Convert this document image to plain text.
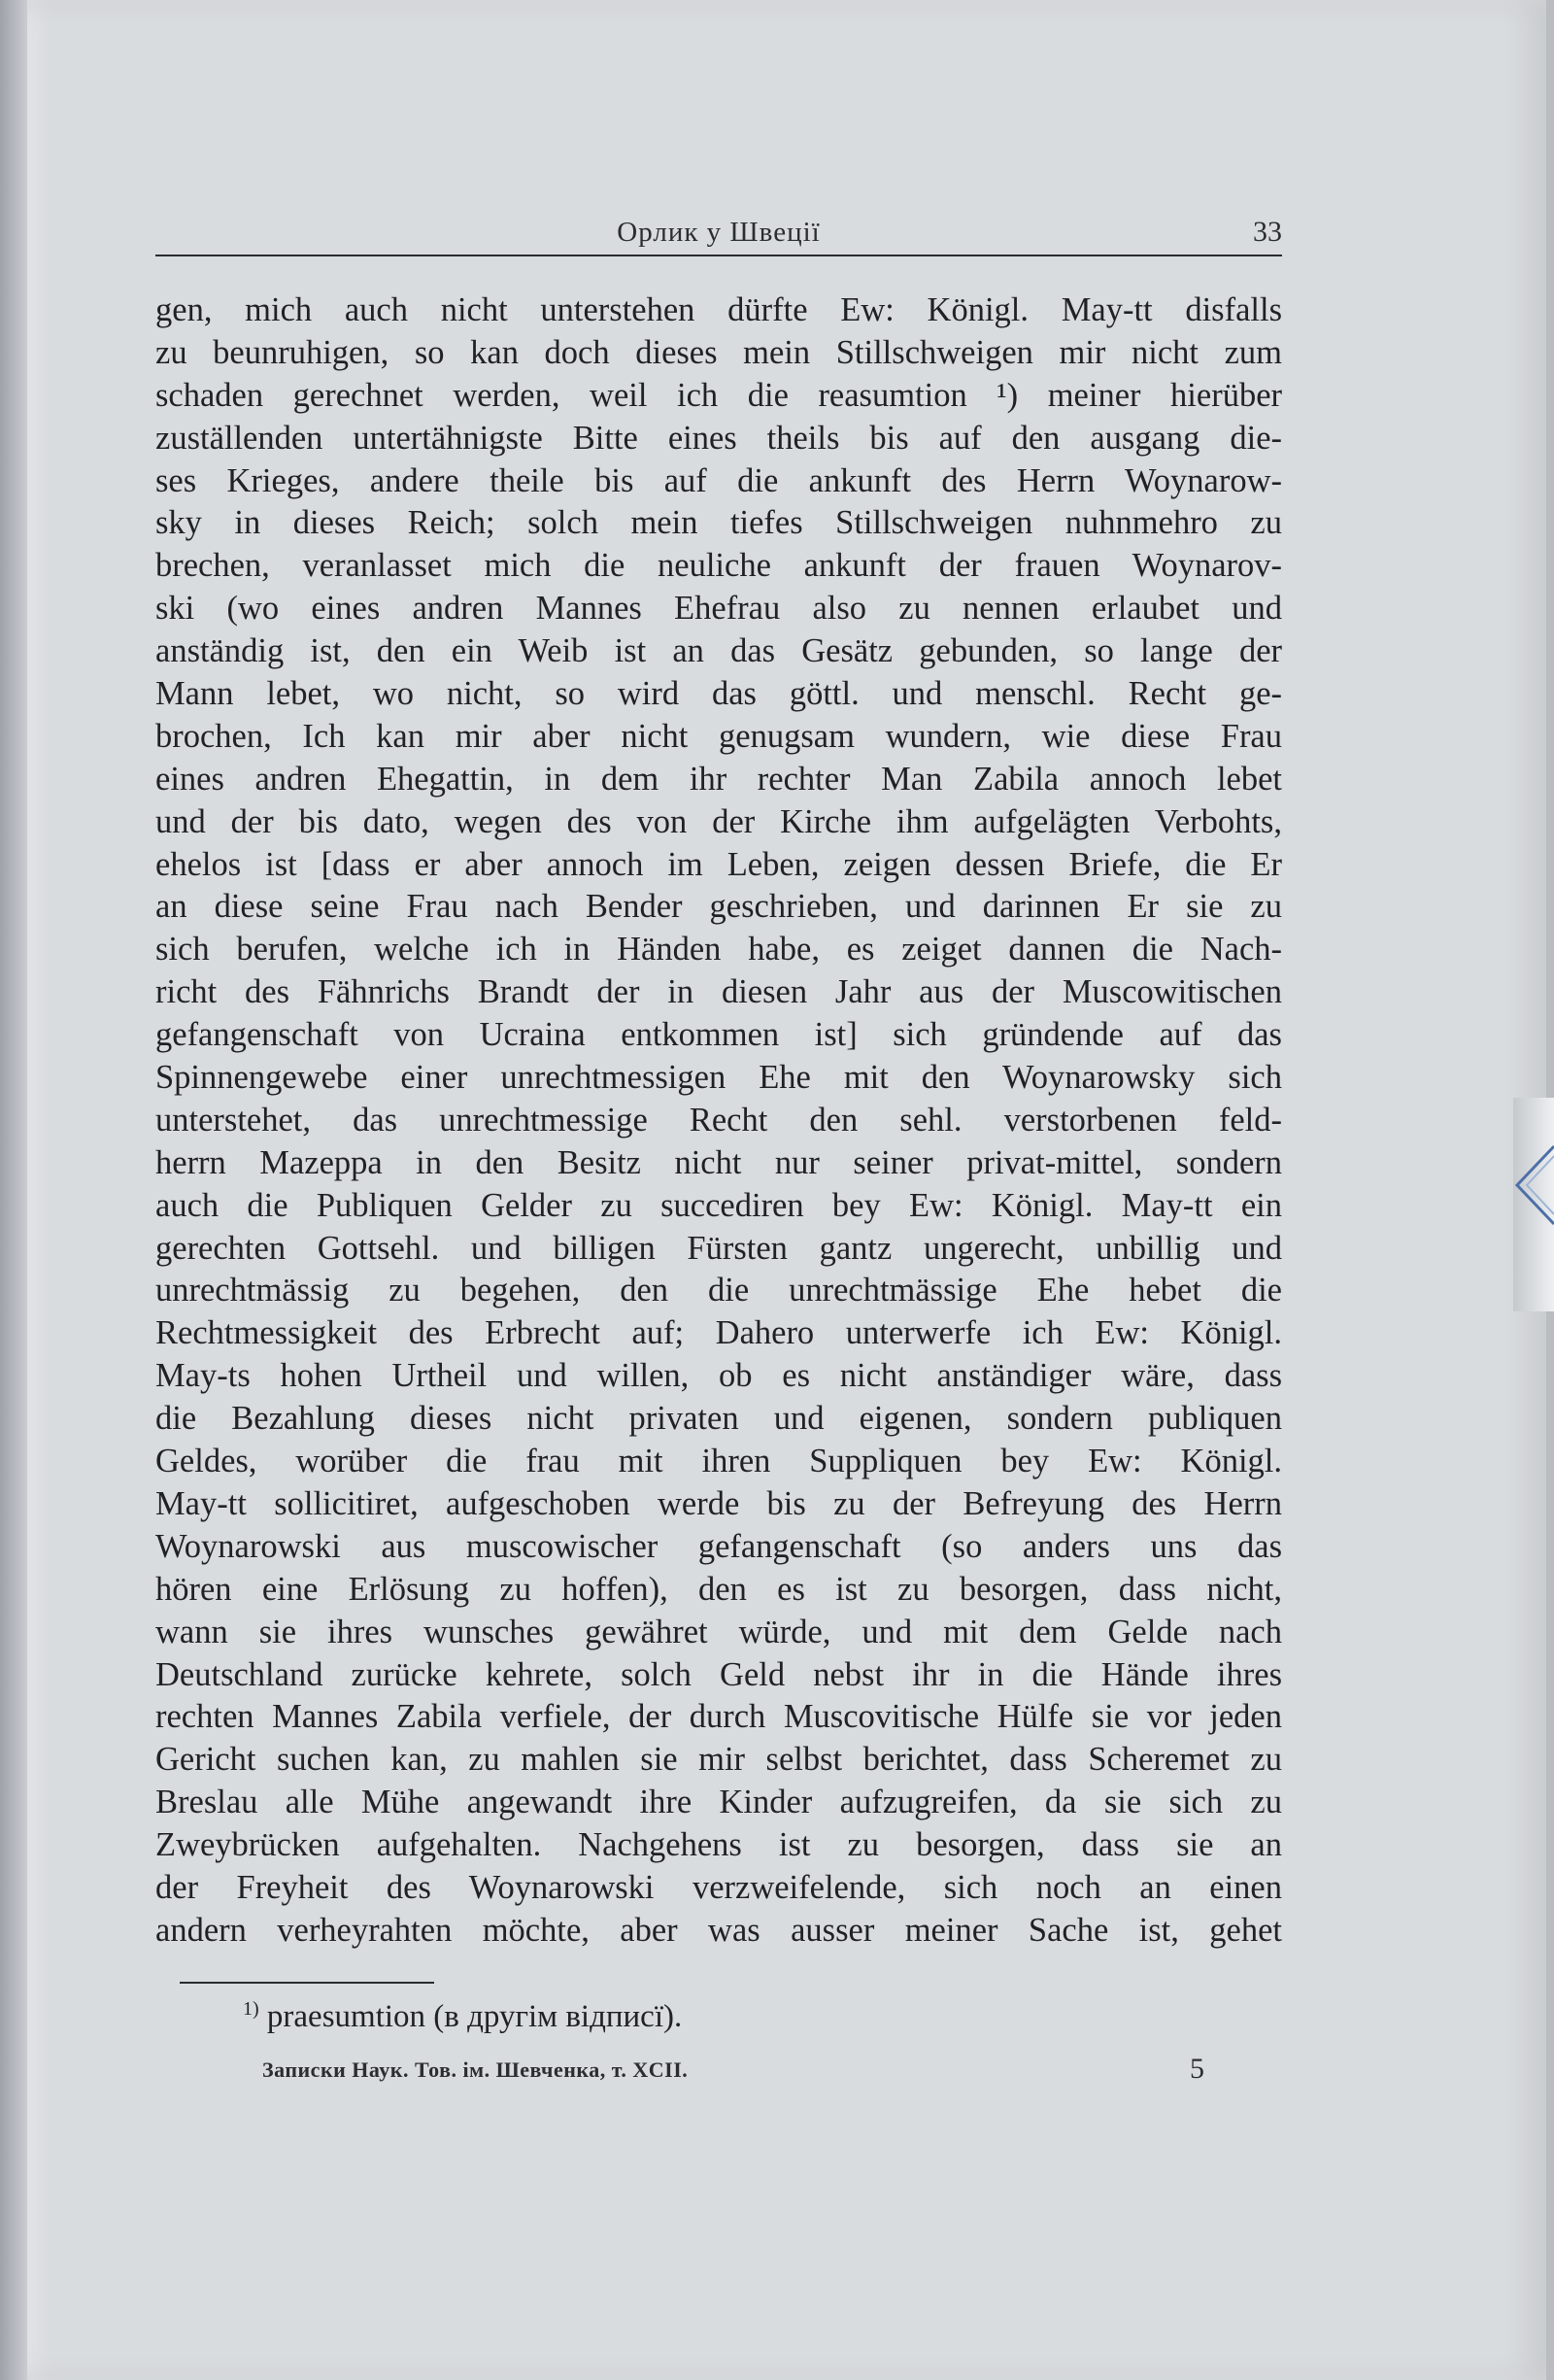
Орлик у Швеції	33
gen, mich auch nicht unterstehen dürfte Ew: Königl. May-tt disfalls
zu beunruhigen, so kan doch dieses mein Stillschweigen mir nicht zum
schaden gerechnet werden, weil ich die reasumtion ¹) meiner hierüber
zuställenden untertähnigste Bitte eines theils bis auf den ausgang die-
ses Krieges, andere theile bis auf die ankunft des Herrn Woynarow-
sky in dieses Reich; solch mein tiefes Stillschweigen nuhnmehro zu
brechen, veranlasset mich die neuliche ankunft der frauen Woynarov-
ski (wo eines andren Mannes Ehefrau also zu nennen erlaubet und
anständig ist, den ein Weib ist an das Gesätz gebunden, so lange der
Mann lebet, wo nicht, so wird das göttl. und menschl. Recht ge-
brochen, Ich kan mir aber nicht genugsam wundern, wie diese Frau
eines andren Ehegattin, in dem ihr rechter Man Zabila annoch lebet
und der bis dato, wegen des von der Kirche ihm aufgelägten Verbohts,
ehelos ist [dass er aber annoch im Leben, zeigen dessen Briefe, die Er
an diese seine Frau nach Bender geschrieben, und darinnen Er sie zu
sich berufen, welche ich in Händen habe, es zeiget dannen die Nach-
richt des Fähnrichs Brandt der in diesen Jahr aus der Muscowitischen
gefangenschaft von Ucraina entkommen ist] sich gründende auf das
Spinnengewebe einer unrechtmessigen Ehe mit den Woynarowsky sich
unterstehet, das unrechtmessige Recht den sehl. verstorbenen feld-
herrn Mazeppa in den Besitz nicht nur seiner privat-mittel, sondern
auch die Publiquen Gelder zu succediren bey Ew: Königl. May-tt ein
gerechten Gottsehl. und billigen Fürsten gantz ungerecht, unbillig und
unrechtmässig zu begehen, den die unrechtmässige Ehe hebet die
Rechtmessigkeit des Erbrecht auf; Dahero unterwerfe ich Ew: Königl.
May-ts hohen Urtheil und willen, ob es nicht anständiger wäre, dass
die Bezahlung dieses nicht privaten und eigenen, sondern publiquen
Geldes, worüber die frau mit ihren Suppliquen bey Ew: Königl.
May-tt sollicitiret, aufgeschoben werde bis zu der Befreyung des Herrn
Woynarowski aus muscowischer gefangenschaft (so anders uns das
hören eine Erlösung zu hoffen), den es ist zu besorgen, dass nicht,
wann sie ihres wunsches gewähret würde, und mit dem Gelde nach
Deutschland zurücke kehrete, solch Geld nebst ihr in die Hände ihres
rechten Mannes Zabila verfiele, der durch Muscovitische Hülfe sie vor jeden
Gericht suchen kan, zu mahlen sie mir selbst berichtet, dass Scheremet zu
Breslau alle Mühe angewandt ihre Kinder aufzugreifen, da sie sich zu
Zweybrücken aufgehalten. Nachgehens ist zu besorgen, dass sie an
der Freyheit des Woynarowski verzweifelende, sich noch an einen
andern verheyrahten möchte, aber was ausser meiner Sache ist, gehet
$^{1)}$ praesumtion (в другім відписї).
Записки Наук. Тов. ім. Шевченка, т. XCII.	5
